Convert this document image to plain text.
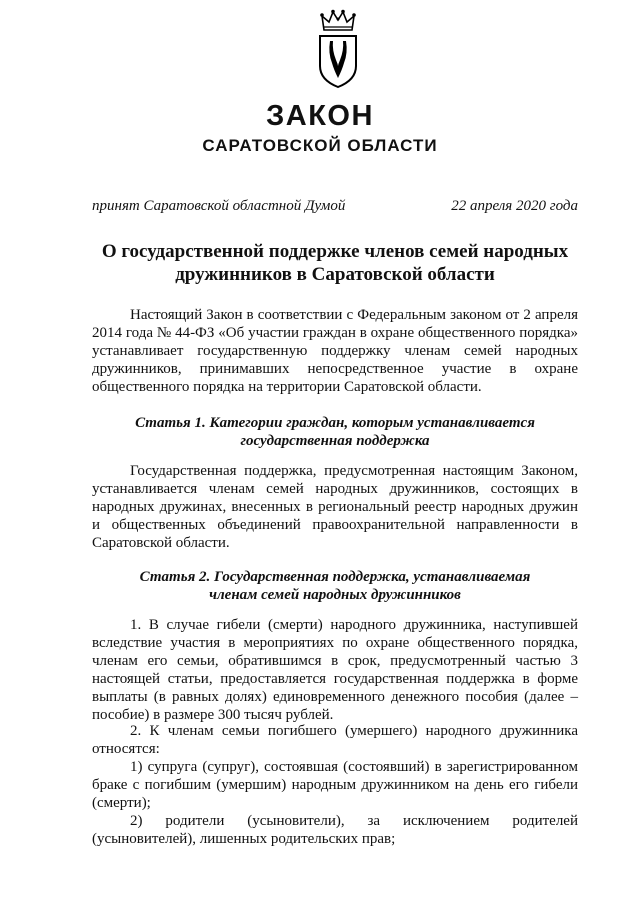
ЗАКОН
САРАТОВСКОЙ ОБЛАСТИ
принят Саратовской областной Думой	22 апреля 2020 года
О государственной поддержке членов семей народных
дружинников в Саратовской области

Настоящий Закон в соответствии с Федеральным законом от 2 апреля 2014 года № 44-ФЗ «Об участии граждан в охране общественного порядка» устанавливает государственную поддержку членам семей народных дружинников, принимавших непосредственное участие в охране общественного порядка на территории Саратовской области.

Статья 1. Категории граждан, которым устанавливается
государственная поддержка

Государственная поддержка, предусмотренная настоящим Законом, устанавливается членам семей народных дружинников, состоящих в народных дружинах, внесенных в региональный реестр народных дружин и общественных объединений правоохранительной направленности в Саратовской области.

Статья 2. Государственная поддержка, устанавливаемая
членам семей народных дружинников

1. В случае гибели (смерти) народного дружинника, наступившей вследствие участия в мероприятиях по охране общественного порядка, членам его семьи, обратившимся в срок, предусмотренный частью 3 настоящей статьи, предоставляется государственная поддержка в форме выплаты (в равных долях) единовременного денежного пособия (далее – пособие) в размере 300 тысяч рублей.

2. К членам семьи погибшего (умершего) народного дружинника относятся:

1) супруга (супруг), состоявшая (состоявший) в зарегистрированном браке с погибшим (умершим) народным дружинником на день его гибели (смерти);

2) родители (усыновители), за исключением родителей (усыновителей), лишенных родительских прав;
